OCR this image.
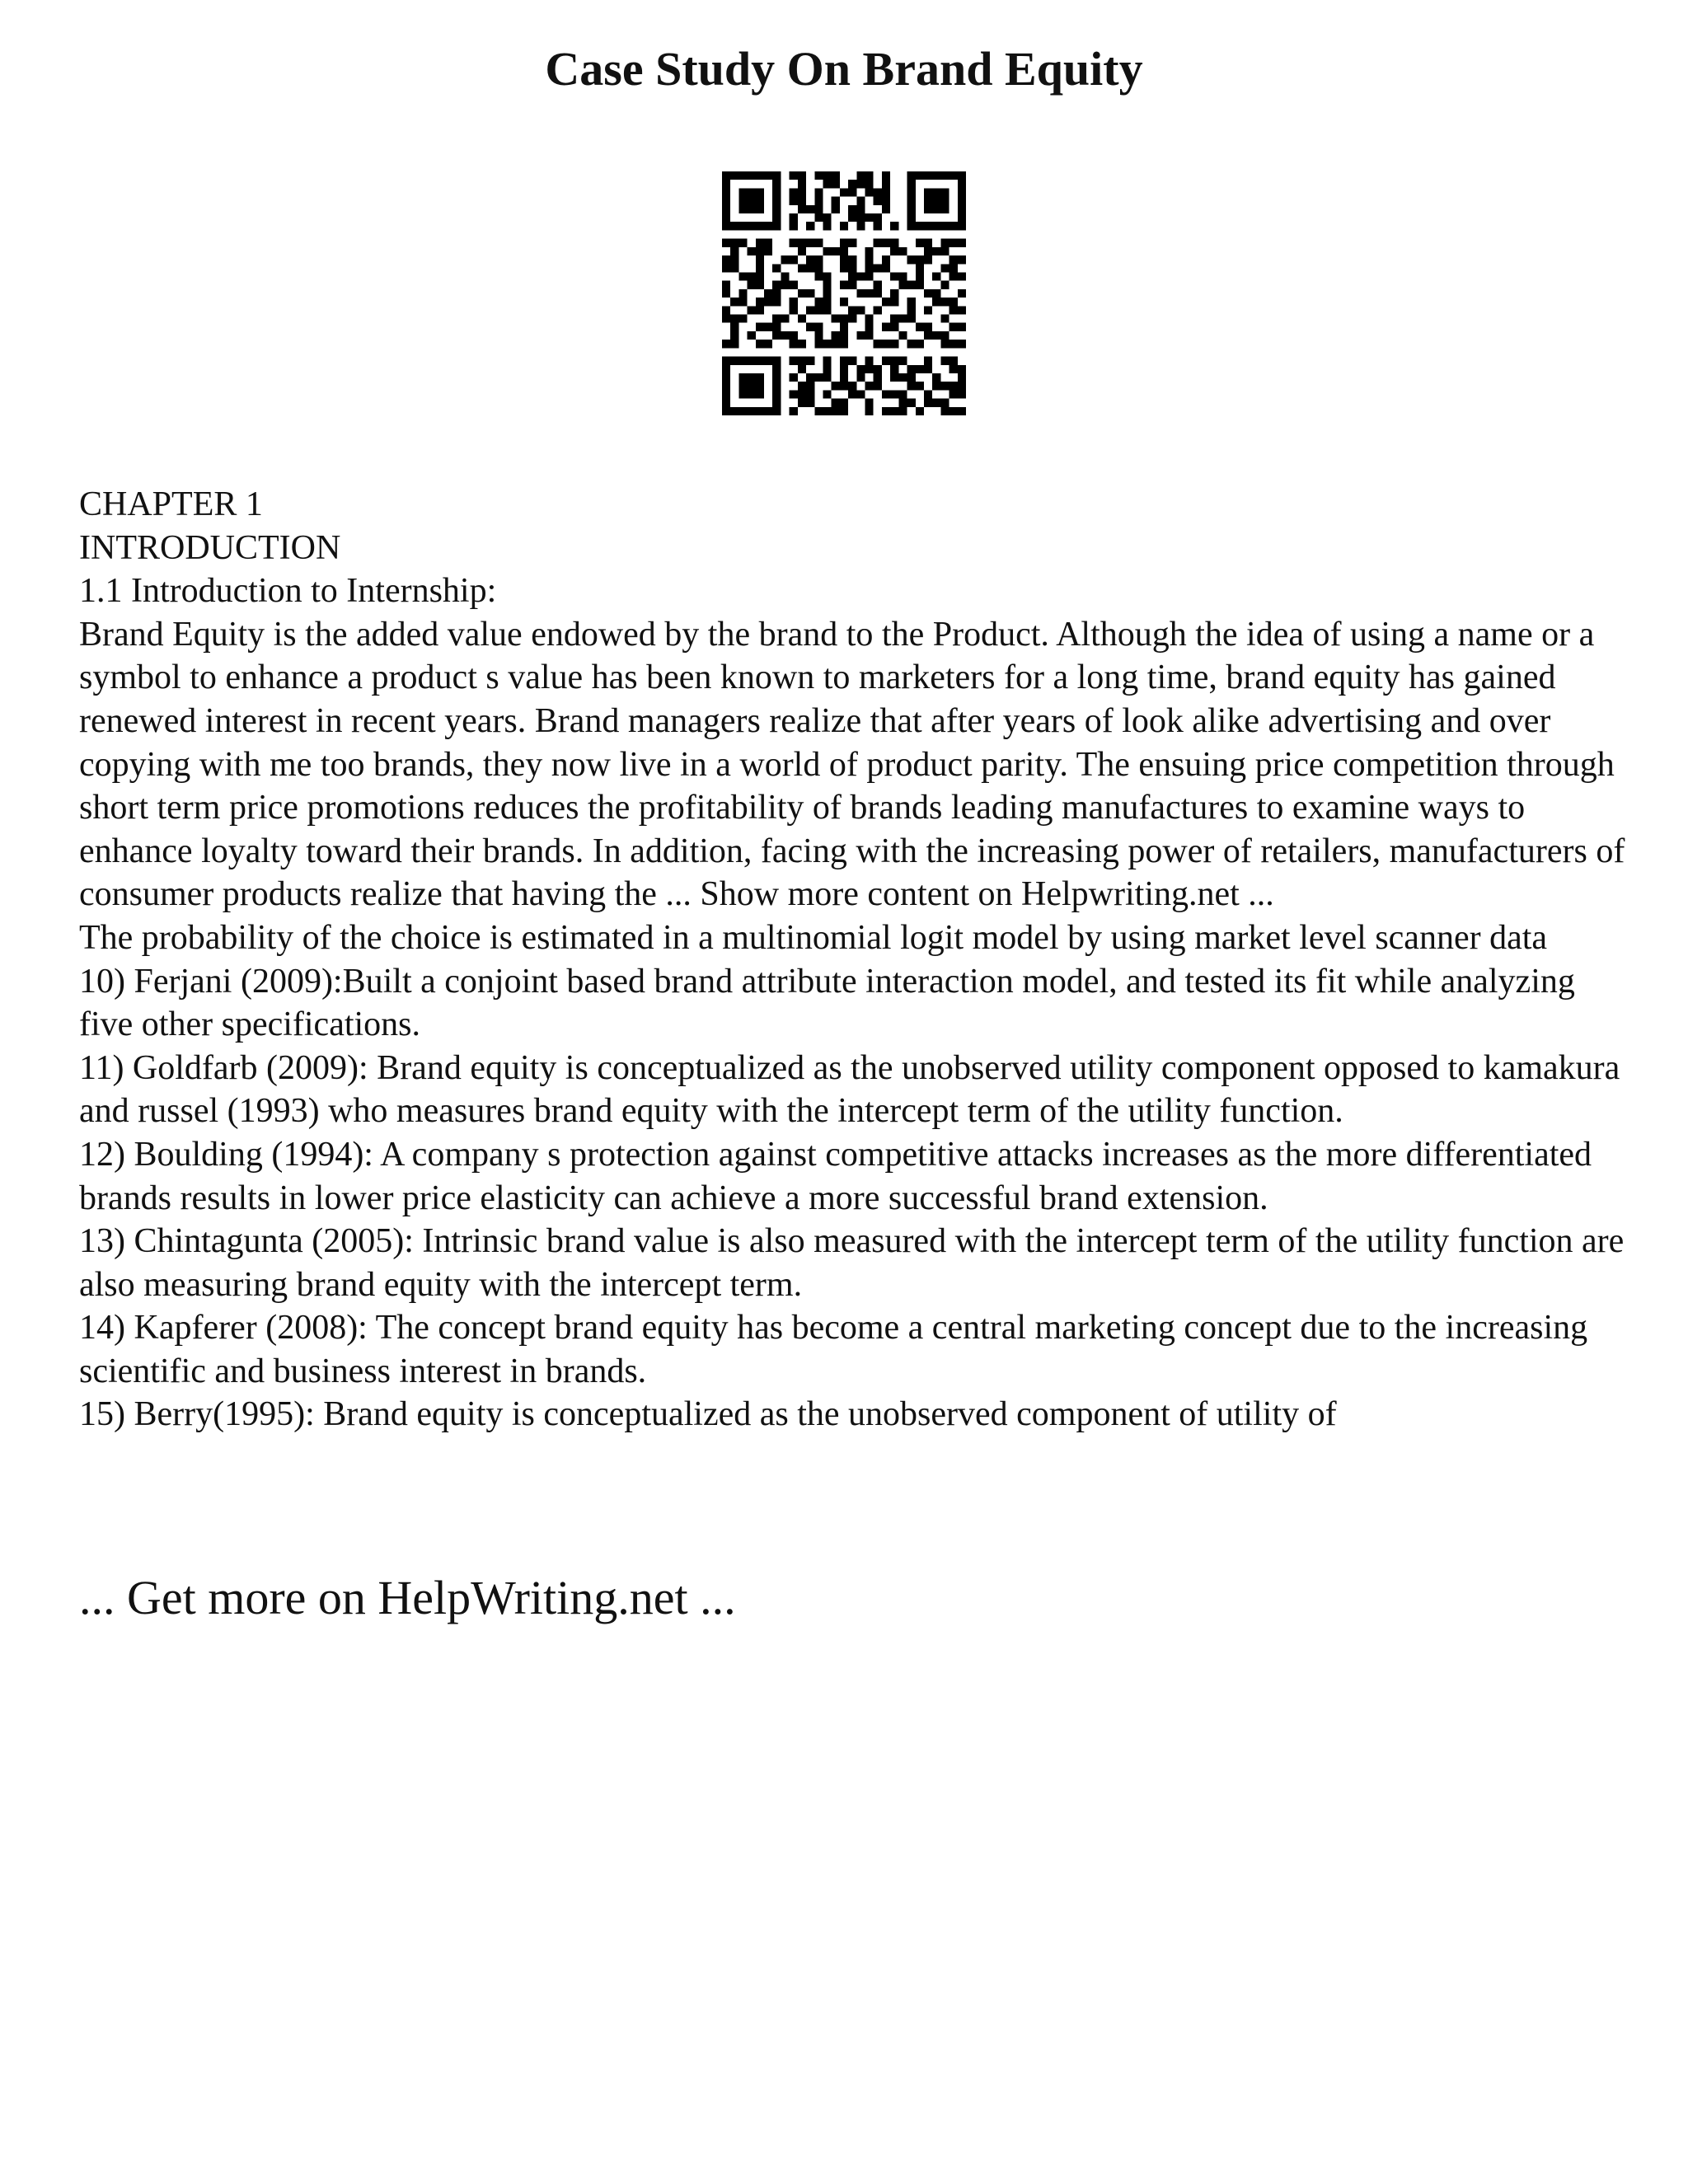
Case Study On Brand Equity

CHAPTER 1

INTRODUCTION

1.1 Introduction to Internship:

Brand Equity is the added value endowed by the brand to the Product. Although the idea of using a name or a symbol to enhance a product s value has been known to marketers for a long time, brand equity has gained renewed interest in recent years. Brand managers realize that after years of look alike advertising and over copying with me too brands, they now live in a world of product parity. The ensuing price competition through short term price promotions reduces the profitability of brands leading manufactures to examine ways to enhance loyalty toward their brands. In addition, facing with the increasing power of retailers, manufacturers of consumer products realize that having the ... Show more content on Helpwriting.net ...

The probability of the choice is estimated in a multinomial logit model by using market level scanner data

10) Ferjani (2009):Built a conjoint based brand attribute interaction model, and tested its fit while analyzing five other specifications.

11) Goldfarb (2009): Brand equity is conceptualized as the unobserved utility component opposed to kamakura and russel (1993) who measures brand equity with the intercept term of the utility function.

12) Boulding (1994): A company s protection against competitive attacks increases as the more differentiated brands results in lower price elasticity can achieve a more successful brand extension.

13) Chintagunta (2005): Intrinsic brand value is also measured with the intercept term of the utility function are also measuring brand equity with the intercept term.

14) Kapferer (2008): The concept brand equity has become a central marketing concept due to the increasing scientific and business interest in brands.

15) Berry(1995): Brand equity is conceptualized as the unobserved component of utility of

... Get more on HelpWriting.net ...
